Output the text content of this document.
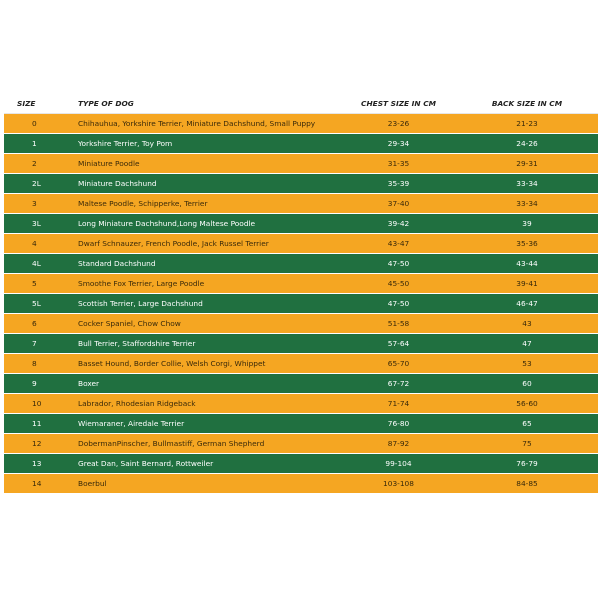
SIZE	TYPE OF DOG	CHEST SIZE IN CM	BACK SIZE IN CM
0	Chihauhua, Yorkshire Terrier, Miniature Dachshund, Small Puppy	23-26	21-23
1	Yorkshire Terrier, Toy Pom	29-34	24-26
2	Miniature Poodle	31-35	29-31
2L	Miniature Dachshund	35-39	33-34
3	Maltese Poodle, Schipperke, Terrier	37-40	33-34
3L	Long Miniature Dachshund,Long Maltese Poodle	39-42	39
4	Dwarf Schnauzer, French Poodle, Jack Russel Terrier	43-47	35-36
4L	Standard Dachshund	47-50	43-44
5	Smoothe Fox Terrier, Large Poodle	45-50	39-41
5L	Scottish Terrier, Large Dachshund	47-50	46-47
6	Cocker Spaniel, Chow Chow	51-58	43
7	Bull Terrier, Staffordshire Terrier	57-64	47
8	Basset Hound, Border Collie, Welsh Corgi, Whippet	65-70	53
9	Boxer	67-72	60
10	Labrador, Rhodesian Ridgeback	71-74	56-60
11	Wiemaraner, Airedale Terrier	76-80	65
12	DobermanPinscher, Bullmastiff, German Shepherd	87-92	75
13	Great Dan, Saint Bernard, Rottweiler	99-104	76-79
14	Boerbul	103-108	84-85
